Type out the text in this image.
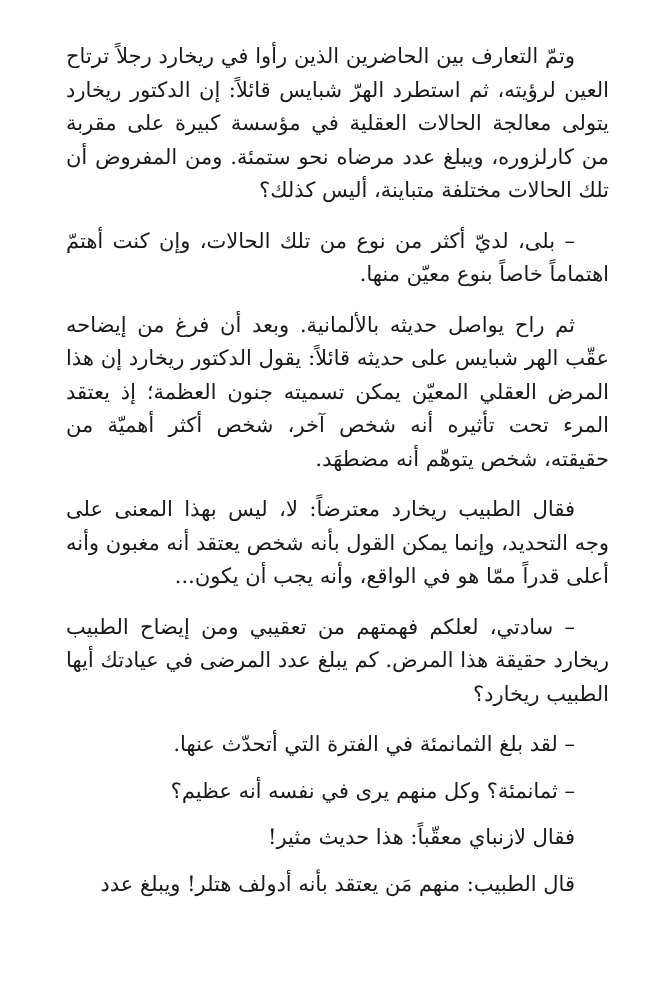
وتمّ التعارف بين الحاضرين الذين رأوا في ريخارد رجلاً ترتاح العين لرؤيته، ثم استطرد الهرّ شبايس قائلاً: إن الدكتور ريخارد يتولى معالجة الحالات العقلية في مؤسسة كبيرة على مقربة من كارلزوره، ويبلغ عدد مرضاه نحو ستمئة. ومن المفروض أن تلك الحالات مختلفة متباينة، أليس كذلك؟

– بلى، لديّ أكثر من نوع من تلك الحالات، وإن كنت أهتمّ اهتماماً خاصاً بنوع معيّن منها.

ثم راح يواصل حديثه بالألمانية. وبعد أن فرغ من إيضاحه عقّب الهر شبايس على حديثه قائلاً: يقول الدكتور ريخارد إن هذا المرض العقلي المعيّن يمكن تسميته جنون العظمة؛ إذ يعتقد المرء تحت تأثيره أنه شخص آخر، شخص أكثر أهميّة من حقيقته، شخص يتوهّم أنه مضطهَد.

فقال الطبيب ريخارد معترضاً: لا، ليس بهذا المعنى على وجه التحديد، وإنما يمكن القول بأنه شخص يعتقد أنه مغبون وأنه أعلى قدراً ممّا هو في الواقع، وأنه يجب أن يكون...

– سادتي، لعلكم فهمتهم من تعقيبي ومن إيضاح الطبيب ريخارد حقيقة هذا المرض. كم يبلغ عدد المرضى في عيادتك أيها الطبيب ريخارد؟

– لقد بلغ الثمانمئة في الفترة التي أتحدّث عنها.

– ثمانمئة؟ وكل منهم يرى في نفسه أنه عظيم؟

فقال لازنباي معقّباً: هذا حديث مثير!

قال الطبيب: منهم مَن يعتقد بأنه أدولف هتلر! ويبلغ عدد
